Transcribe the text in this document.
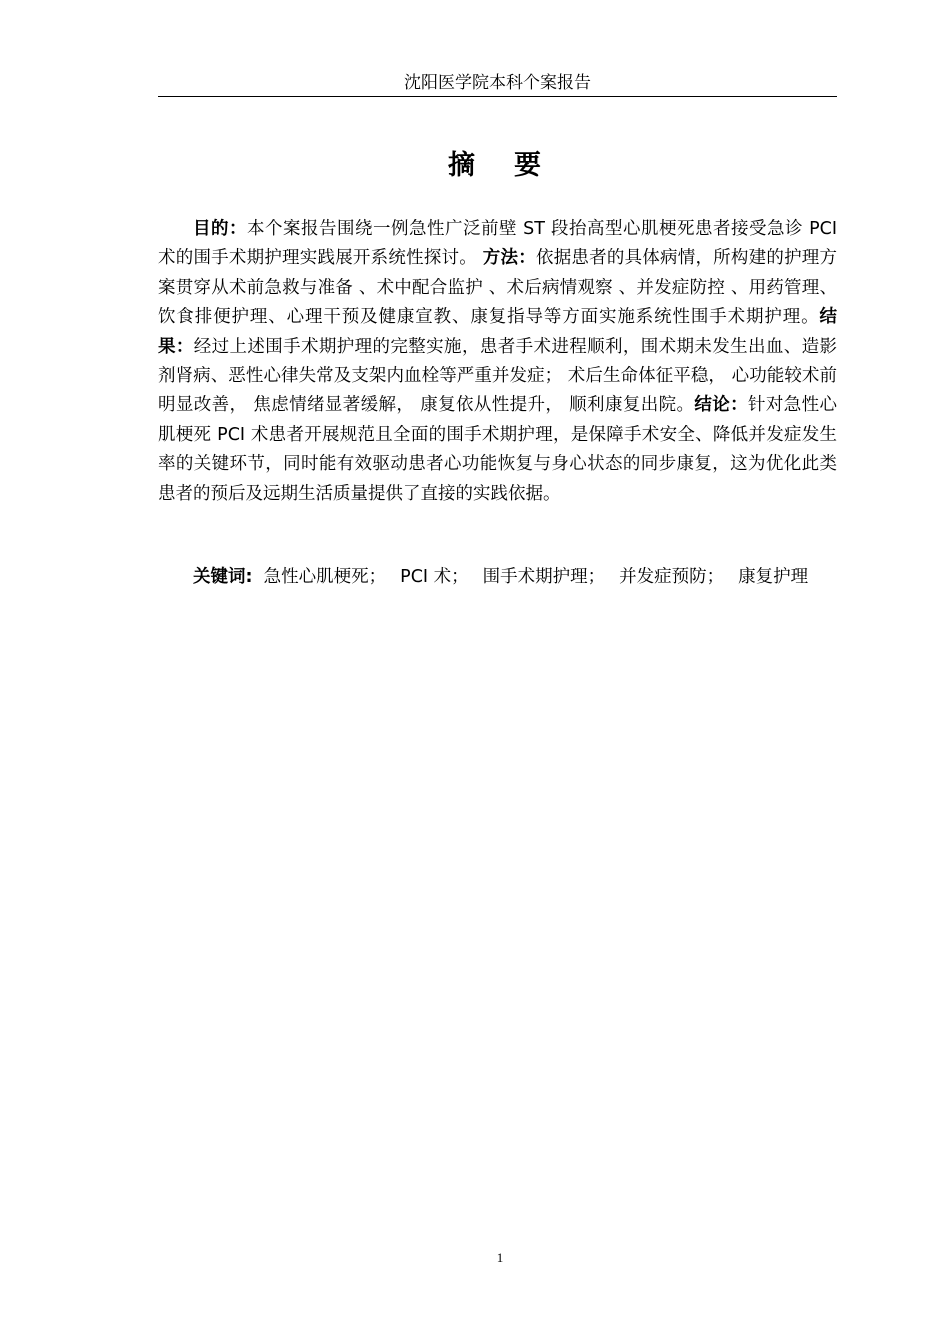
沈阳医学院本科个案报告
摘　要

目的：本个案报告围绕一例急性广泛前壁 ST 段抬高型心肌梗死患者接受急诊 PCI 术的围手术期护理实践展开系统性探讨。 方法：依据患者的具体病情，所构建的护理方案贯穿从术前急救与准备 、术中配合监护 、术后病情观察 、并发症防控 、用药管理、饮食排便护理、心理干预及健康宣教、康复指导等方面实施系统性围手术期护理。结果：经过上述围手术期护理的完整实施，患者手术进程顺利，围术期未发生出血、造影剂肾病、恶性心律失常及支架内血栓等严重并发症； 术后生命体征平稳， 心功能较术前明显改善， 焦虑情绪显著缓解， 康复依从性提升， 顺利康复出院。结论：针对急性心肌梗死 PCI 术患者开展规范且全面的围手术期护理，是保障手术安全、降低并发症发生率的关键环节，同时能有效驱动患者心功能恢复与身心状态的同步康复，这为优化此类患者的预后及远期生活质量提供了直接的实践依据。

关键词: 急性心肌梗死； PCI 术； 围手术期护理； 并发症预防； 康复护理

1
